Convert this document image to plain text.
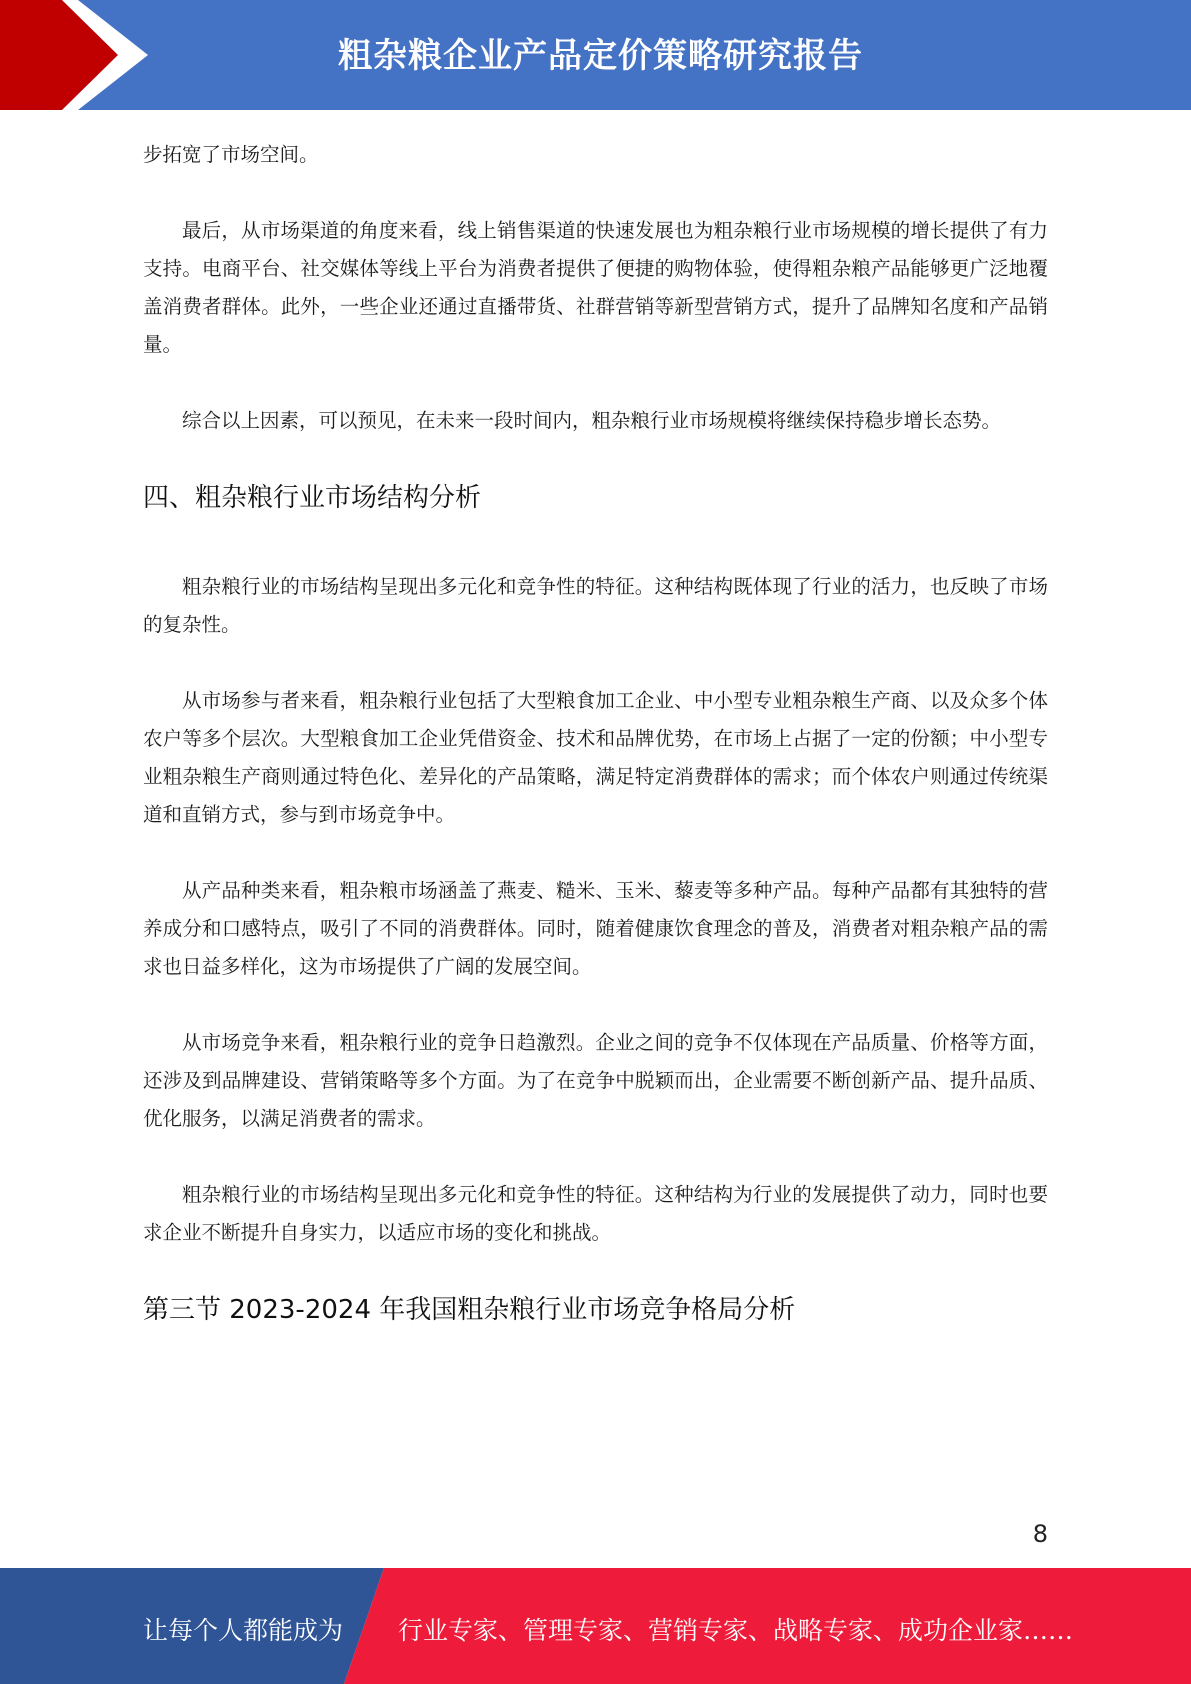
粗杂粮企业产品定价策略研究报告

步拓宽了市场空间。

最后，从市场渠道的角度来看，线上销售渠道的快速发展也为粗杂粮行业市场规模的增长提供了有力支持。电商平台、社交媒体等线上平台为消费者提供了便捷的购物体验，使得粗杂粮产品能够更广泛地覆盖消费者群体。此外，一些企业还通过直播带货、社群营销等新型营销方式，提升了品牌知名度和产品销量。

综合以上因素，可以预见，在未来一段时间内，粗杂粮行业市场规模将继续保持稳步增长态势。

四、粗杂粮行业市场结构分析

粗杂粮行业的市场结构呈现出多元化和竞争性的特征。这种结构既体现了行业的活力，也反映了市场的复杂性。

从市场参与者来看，粗杂粮行业包括了大型粮食加工企业、中小型专业粗杂粮生产商、以及众多个体农户等多个层次。大型粮食加工企业凭借资金、技术和品牌优势，在市场上占据了一定的份额；中小型专业粗杂粮生产商则通过特色化、差异化的产品策略，满足特定消费群体的需求；而个体农户则通过传统渠道和直销方式，参与到市场竞争中。

从产品种类来看，粗杂粮市场涵盖了燕麦、糙米、玉米、藜麦等多种产品。每种产品都有其独特的营养成分和口感特点，吸引了不同的消费群体。同时，随着健康饮食理念的普及，消费者对粗杂粮产品的需求也日益多样化，这为市场提供了广阔的发展空间。

从市场竞争来看，粗杂粮行业的竞争日趋激烈。企业之间的竞争不仅体现在产品质量、价格等方面，还涉及到品牌建设、营销策略等多个方面。为了在竞争中脱颖而出，企业需要不断创新产品、提升品质、优化服务，以满足消费者的需求。

粗杂粮行业的市场结构呈现出多元化和竞争性的特征。这种结构为行业的发展提供了动力，同时也要求企业不断提升自身实力，以适应市场的变化和挑战。

第三节 2023-2024 年我国粗杂粮行业市场竞争格局分析
8
让每个人都能成为 行业专家、管理专家、营销专家、战略专家、成功企业家……
